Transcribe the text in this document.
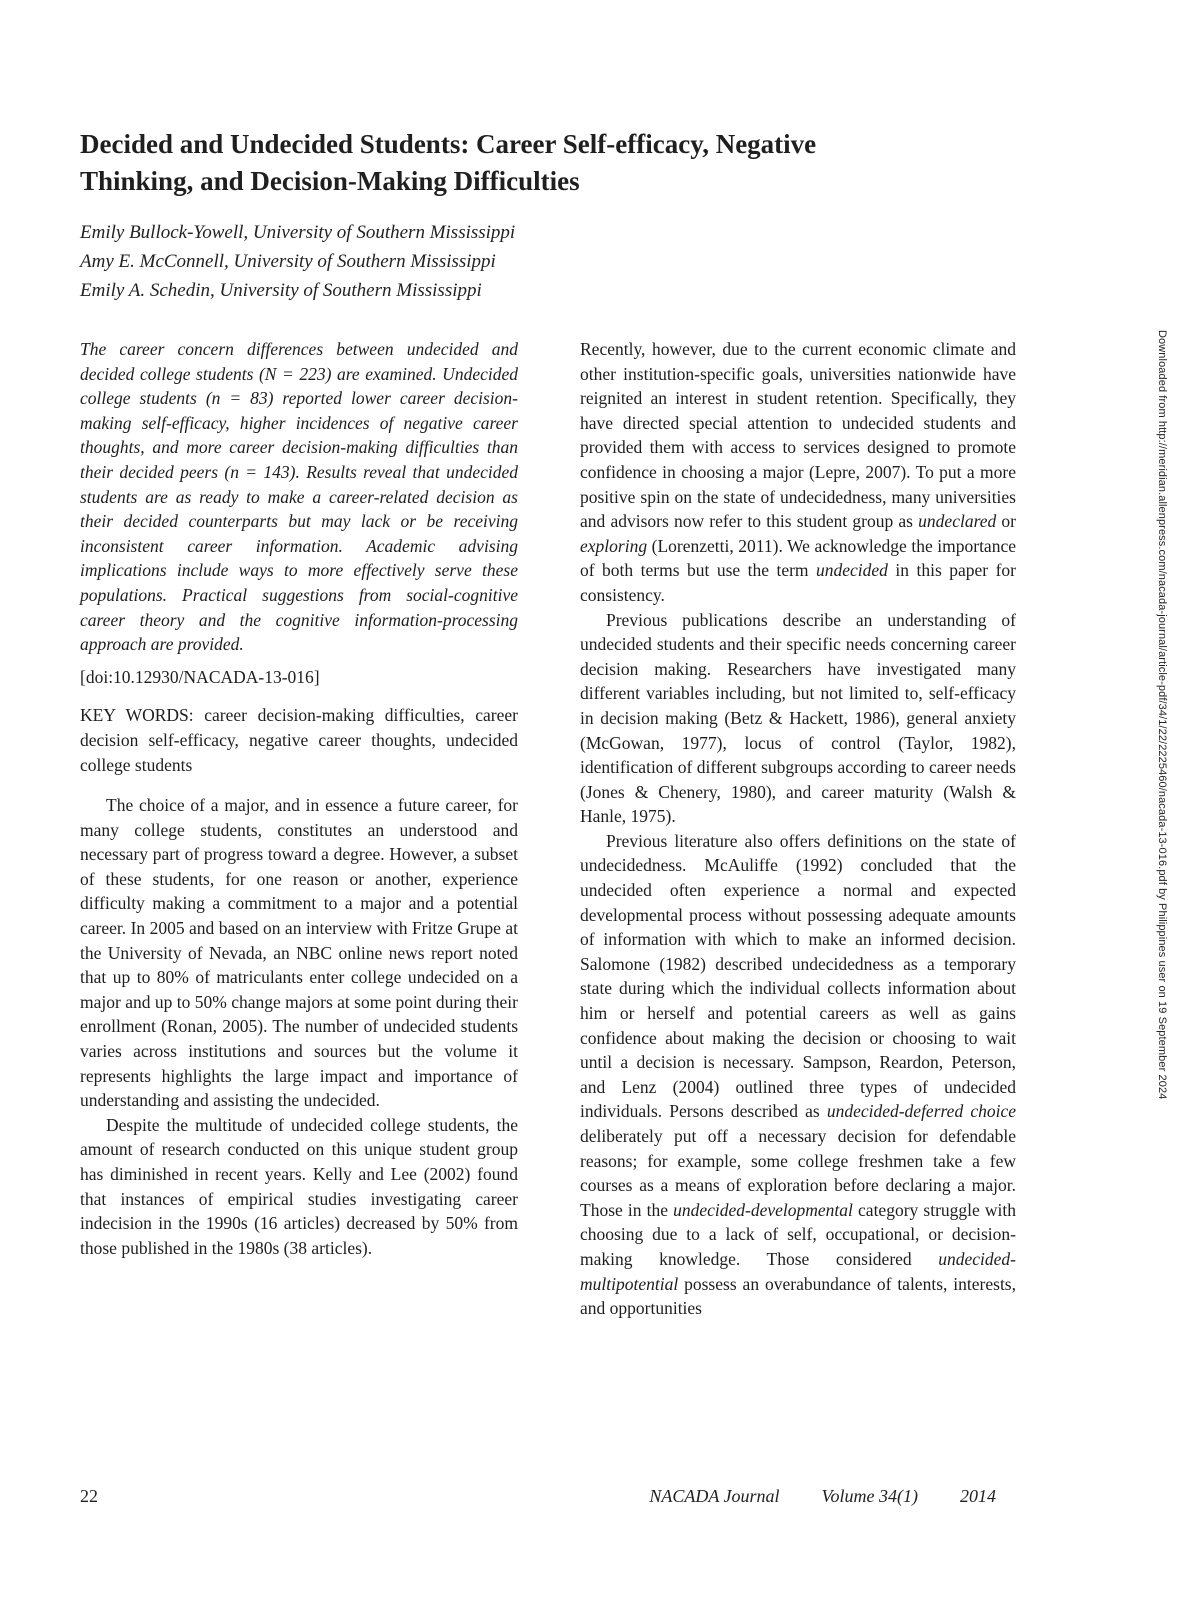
Decided and Undecided Students: Career Self-efficacy, Negative
Thinking, and Decision-Making Difficulties
Emily Bullock-Yowell, University of Southern Mississippi
Amy E. McConnell, University of Southern Mississippi
Emily A. Schedin, University of Southern Mississippi

The career concern differences between undecided and decided college students (N = 223) are examined. Undecided college students (n = 83) reported lower career decision-making self-efficacy, higher incidences of negative career thoughts, and more career decision-making difficulties than their decided peers (n = 143). Results reveal that undecided students are as ready to make a career-related decision as their decided counterparts but may lack or be receiving inconsistent career information. Academic advising implications include ways to more effectively serve these populations. Practical suggestions from social-cognitive career theory and the cognitive information-processing approach are provided.

[doi:10.12930/NACADA-13-016]

KEY WORDS: career decision-making difficulties, career decision self-efficacy, negative career thoughts, undecided college students

The choice of a major, and in essence a future career, for many college students, constitutes an understood and necessary part of progress toward a degree. However, a subset of these students, for one reason or another, experience difficulty making a commitment to a major and a potential career. In 2005 and based on an interview with Fritze Grupe at the University of Nevada, an NBC online news report noted that up to 80% of matriculants enter college undecided on a major and up to 50% change majors at some point during their enrollment (Ronan, 2005). The number of undecided students varies across institutions and sources but the volume it represents highlights the large impact and importance of understanding and assisting the undecided.

Despite the multitude of undecided college students, the amount of research conducted on this unique student group has diminished in recent years. Kelly and Lee (2002) found that instances of empirical studies investigating career indecision in the 1990s (16 articles) decreased by 50% from those published in the 1980s (38 articles).

Recently, however, due to the current economic climate and other institution-specific goals, universities nationwide have reignited an interest in student retention. Specifically, they have directed special attention to undecided students and provided them with access to services designed to promote confidence in choosing a major (Lepre, 2007). To put a more positive spin on the state of undecidedness, many universities and advisors now refer to this student group as undeclared or exploring (Lorenzetti, 2011). We acknowledge the importance of both terms but use the term undecided in this paper for consistency.

Previous publications describe an understanding of undecided students and their specific needs concerning career decision making. Researchers have investigated many different variables including, but not limited to, self-efficacy in decision making (Betz & Hackett, 1986), general anxiety (McGowan, 1977), locus of control (Taylor, 1982), identification of different subgroups according to career needs (Jones & Chenery, 1980), and career maturity (Walsh & Hanle, 1975).

Previous literature also offers definitions on the state of undecidedness. McAuliffe (1992) concluded that the undecided often experience a normal and expected developmental process without possessing adequate amounts of information with which to make an informed decision. Salomone (1982) described undecidedness as a temporary state during which the individual collects information about him or herself and potential careers as well as gains confidence about making the decision or choosing to wait until a decision is necessary. Sampson, Reardon, Peterson, and Lenz (2004) outlined three types of undecided individuals. Persons described as undecided-deferred choice deliberately put off a necessary decision for defendable reasons; for example, some college freshmen take a few courses as a means of exploration before declaring a major. Those in the undecided-developmental category struggle with choosing due to a lack of self, occupational, or decision-making knowledge. Those considered undecided-multipotential possess an overabundance of talents, interests, and opportunities

Downloaded from http://meridian.allenpress.com/nacada-journal/article-pdf/34/1/22/2225460/nacada-13-016.pdf by Philippines user on 19 September 2024
22	NACADA Journal Volume 34(1) 2014
